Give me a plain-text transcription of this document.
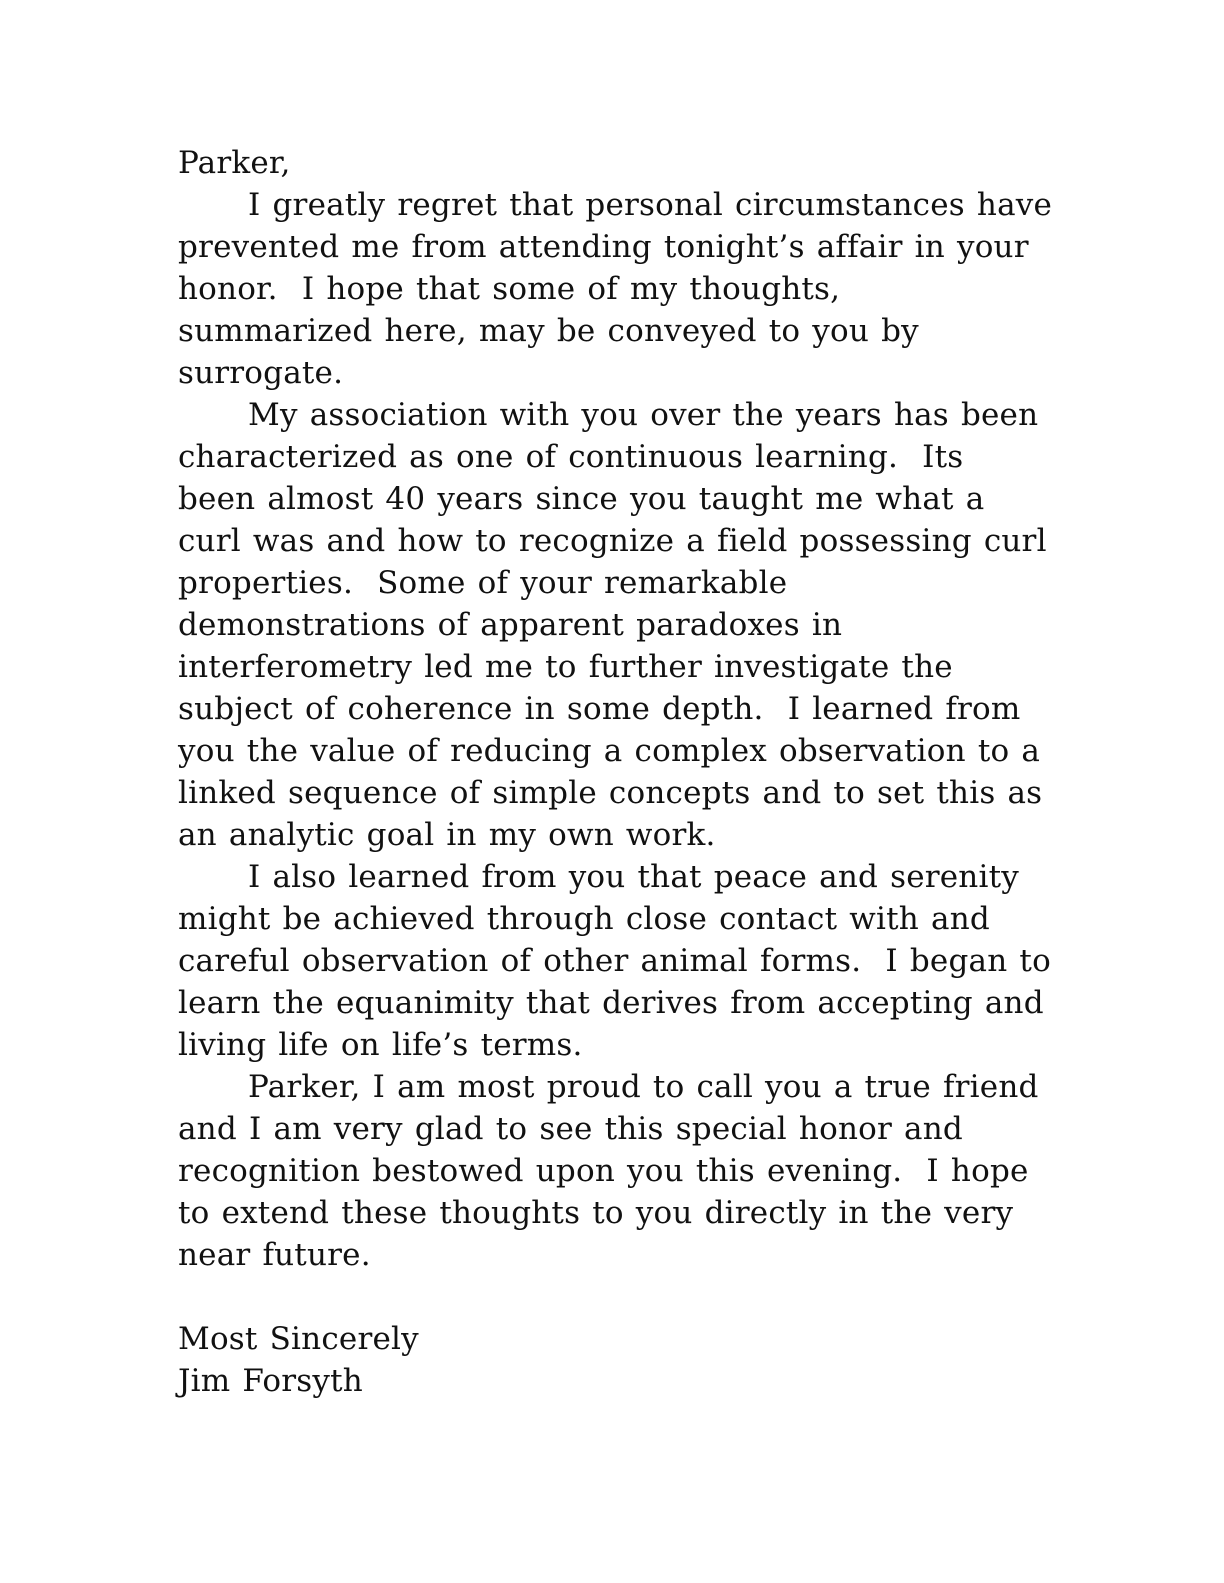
Parker,
I greatly regret that personal circumstances have
prevented me from attending tonight’s affair in your
honor.  I hope that some of my thoughts,
summarized here, may be conveyed to you by
surrogate.
My association with you over the years has been
characterized as one of continuous learning.  Its
been almost 40 years since you taught me what a
curl was and how to recognize a field possessing curl
properties.  Some of your remarkable
demonstrations of apparent paradoxes in
interferometry led me to further investigate the
subject of coherence in some depth.  I learned from
you the value of reducing a complex observation to a
linked sequence of simple concepts and to set this as
an analytic goal in my own work.
I also learned from you that peace and serenity
might be achieved through close contact with and
careful observation of other animal forms.  I began to
learn the equanimity that derives from accepting and
living life on life’s terms.
Parker, I am most proud to call you a true friend
and I am very glad to see this special honor and
recognition bestowed upon you this evening.  I hope
to extend these thoughts to you directly in the very
near future.
Most Sincerely
Jim Forsyth
